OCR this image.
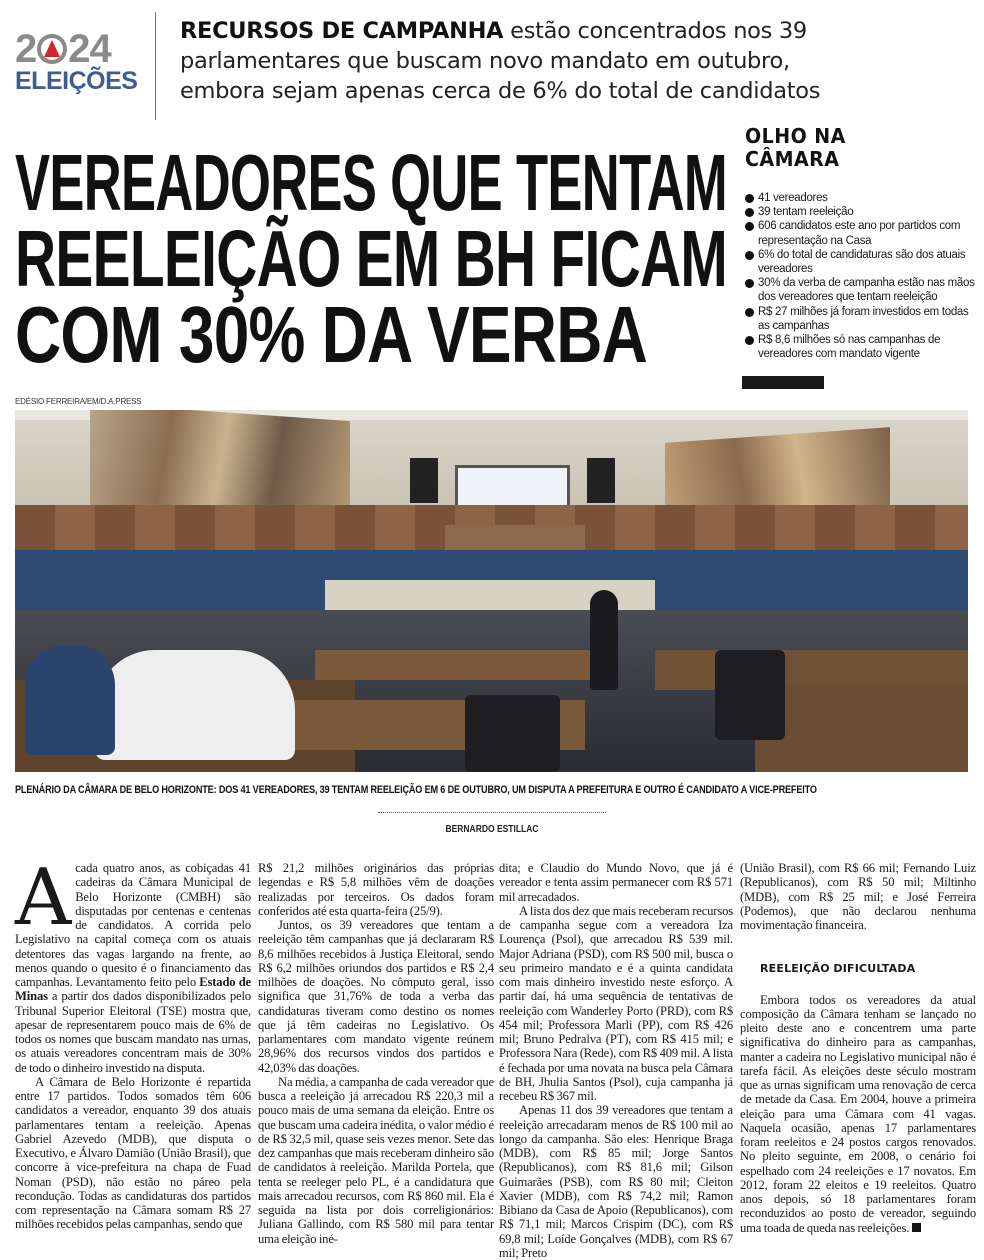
2 24
ELEIÇÕES
RECURSOS DE CAMPANHA estão concentrados nos 39 parlamentares que buscam novo mandato em outubro, embora sejam apenas cerca de 6% do total de candidatos
VEREADORES QUE TENTAM
REELEIÇÃO EM BH FICAM
COM 30% DA VERBA
OLHO NA
CÂMARA
41 vereadores
39 tentam reeleição
606 candidatos este ano por partidos com representação na Casa
6% do total de candidaturas são dos atuais vereadores
30% da verba de campanha estão nas mãos dos vereadores que tentam reeleição
R$ 27 milhões já foram investidos em todas as campanhas
R$ 8,6 milhões só nas campanhas de vereadores com mandato vigente
EDÉSIO FERREIRA/EM/D.A.PRESS
PLENÁRIO DA CÂMARA DE BELO HORIZONTE: DOS 41 VEREADORES, 39 TENTAM REELEIÇÃO EM 6 DE OUTUBRO, UM DISPUTA A PREFEITURA E OUTRO É CANDIDATO A VICE-PREFEITO
BERNARDO ESTILLAC

Acada quatro anos, as cobiçadas 41 cadeiras da Câmara Municipal de Belo Horizonte (CMBH) são disputadas por centenas e centenas de candidatos. A corrida pelo Legislativo na capital começa com os atuais detentores das vagas largando na frente, ao menos quando o quesito é o financiamento das campanhas. Levantamento feito pelo Estado de Minas a partir dos dados disponibilizados pelo Tribunal Superior Eleitoral (TSE) mostra que, apesar de representarem pouco mais de 6% de todos os nomes que buscam mandato nas urnas, os atuais vereadores concentram mais de 30% de todo o dinheiro investido na disputa.

A Câmara de Belo Horizonte é repartida entre 17 partidos. Todos somados têm 606 candidatos a vereador, enquanto 39 dos atuais parlamentares tentam a reeleição. Apenas Gabriel Azevedo (MDB), que disputa o Executivo, e Álvaro Damião (União Brasil), que concorre à vice-prefeitura na chapa de Fuad Noman (PSD), não estão no páreo pela recondução. Todas as candidaturas dos partidos com representação na Câmara somam R$ 27 milhões recebidos pelas campanhas, sendo que

R$ 21,2 milhões originários das próprias legendas e R$ 5,8 milhões vêm de doações realizadas por terceiros. Os dados foram conferidos até esta quarta-feira (25/9).

Juntos, os 39 vereadores que tentam a reeleição têm campanhas que já declararam R$ 8,6 milhões recebidos à Justiça Eleitoral, sendo R$ 6,2 milhões oriundos dos partidos e R$ 2,4 milhões de doações. No cômputo geral, isso significa que 31,76% de toda a verba das candidaturas tiveram como destino os nomes que já têm cadeiras no Legislativo. Os parlamentares com mandato vigente reúnem 28,96% dos recursos vindos dos partidos e 42,03% das doações.

Na média, a campanha de cada vereador que busca a reeleição já arrecadou R$ 220,3 mil a pouco mais de uma semana da eleição. Entre os que buscam uma cadeira inédita, o valor médio é de R$ 32,5 mil, quase seis vezes menor. Sete das dez campanhas que mais receberam dinheiro são de candidatos à reeleição. Marilda Portela, que tenta se reeleger pelo PL, é a candidatura que mais arrecadou recursos, com R$ 860 mil. Ela é seguida na lista por dois correligionários: Juliana Gallindo, com R$ 580 mil para tentar uma eleição iné-

dita; e Claudio do Mundo Novo, que já é vereador e tenta assim permanecer com R$ 571 mil arrecadados.

A lista dos dez que mais receberam recursos de campanha segue com a vereadora Iza Lourença (Psol), que arrecadou R$ 539 mil. Major Adriana (PSD), com R$ 500 mil, busca o seu primeiro mandato e é a quinta candidata com mais dinheiro investido neste esforço. A partir daí, há uma sequência de tentativas de reeleição com Wanderley Porto (PRD), com R$ 454 mil; Professora Marli (PP), com R$ 426 mil; Bruno Pedralva (PT), com R$ 415 mil; e Professora Nara (Rede), com R$ 409 mil. A lista é fechada por uma novata na busca pela Câmara de BH, Jhulia Santos (Psol), cuja campanha já recebeu R$ 367 mil.

Apenas 11 dos 39 vereadores que tentam a reeleição arrecadaram menos de R$ 100 mil ao longo da campanha. São eles: Henrique Braga (MDB), com R$ 85 mil; Jorge Santos (Republicanos), com R$ 81,6 mil; Gilson Guimarães (PSB), com R$ 80 mil; Cleiton Xavier (MDB), com R$ 74,2 mil; Ramon Bibiano da Casa de Apoio (Republicanos), com R$ 71,1 mil; Marcos Crispim (DC), com R$ 69,8 mil; Loíde Gonçalves (MDB), com R$ 67 mil; Preto

(União Brasil), com R$ 66 mil; Fernando Luiz (Republicanos), com R$ 50 mil; Miltinho (MDB), com R$ 25 mil; e José Ferreira (Podemos), que não declarou nenhuma movimentação financeira.

REELEIÇÃO DIFICULTADA

Embora todos os vereadores da atual composição da Câmara tenham se lançado no pleito deste ano e concentrem uma parte significativa do dinheiro para as campanhas, manter a cadeira no Legislativo municipal não é tarefa fácil. As eleições deste século mostram que as urnas significam uma renovação de cerca de metade da Casa. Em 2004, houve a primeira eleição para uma Câmara com 41 vagas. Naquela ocasião, apenas 17 parlamentares foram reeleitos e 24 postos cargos renovados. No pleito seguinte, em 2008, o cenário foi espelhado com 24 reeleições e 17 novatos. Em 2012, foram 22 eleitos e 19 reeleitos. Quatro anos depois, só 18 parlamentares foram reconduzidos ao posto de vereador, seguindo uma toada de queda nas reeleições.
